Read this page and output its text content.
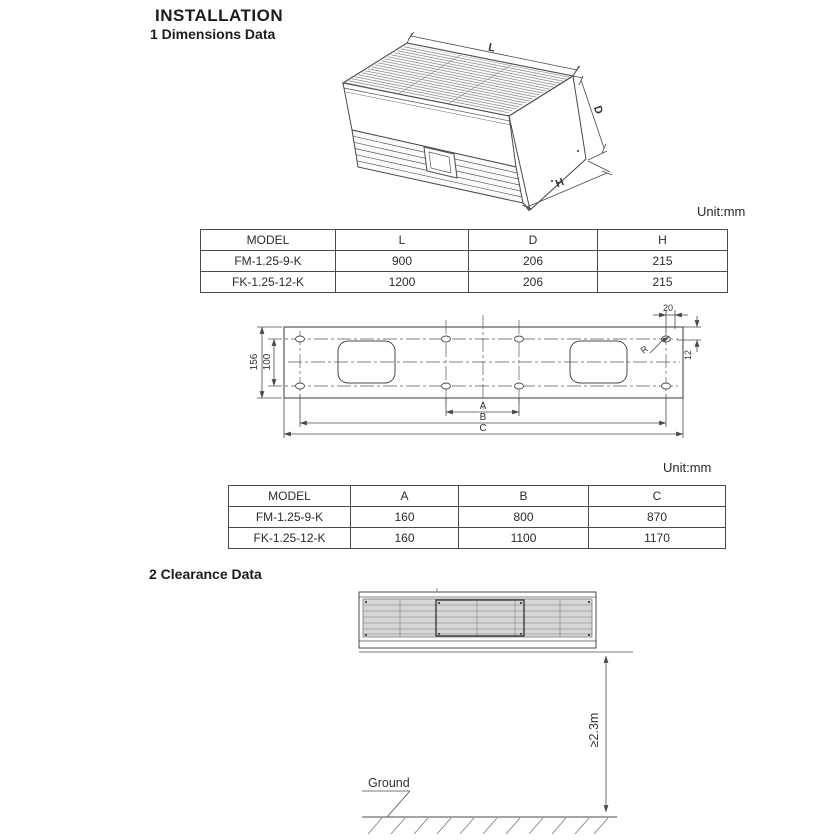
INSTALLATION
1 Dimensions Data
2 Clearance Data
Unit:mm
Unit:mm
L
D
H
MODEL	L	D	H
FM-1.25-9-K	900	206	215
FK-1.25-12-K	1200	206	215
156 100
20
12
R
A
B
C
MODEL	A	B	C
FM-1.25-9-K	160	800	870
FK-1.25-12-K	160	1100	1170
≥2.3m
Ground
